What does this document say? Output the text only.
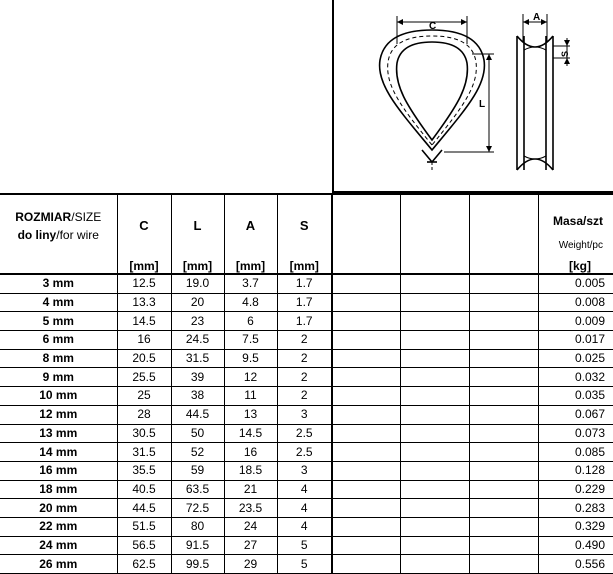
C
L
A
S
ROZMIAR/SIZE
do liny/for wire	C	L	A	S				Masa/szt
Weight/pc

	[mm]	[mm]	[mm]	[mm]				[kg]
3 mm	12.5	19.0	3.7	1.7				0.005
4 mm	13.3	20	4.8	1.7				0.008
5 mm	14.5	23	6	1.7				0.009
6 mm	16	24.5	7.5	2				0.017
8 mm	20.5	31.5	9.5	2				0.025
9 mm	25.5	39	12	2				0.032
10 mm	25	38	11	2				0.035
12 mm	28	44.5	13	3				0.067
13 mm	30.5	50	14.5	2.5				0.073
14 mm	31.5	52	16	2.5				0.085
16 mm	35.5	59	18.5	3				0.128
18 mm	40.5	63.5	21	4				0.229
20 mm	44.5	72.5	23.5	4				0.283
22 mm	51.5	80	24	4				0.329
24 mm	56.5	91.5	27	5				0.490
26 mm	62.5	99.5	29	5				0.556
